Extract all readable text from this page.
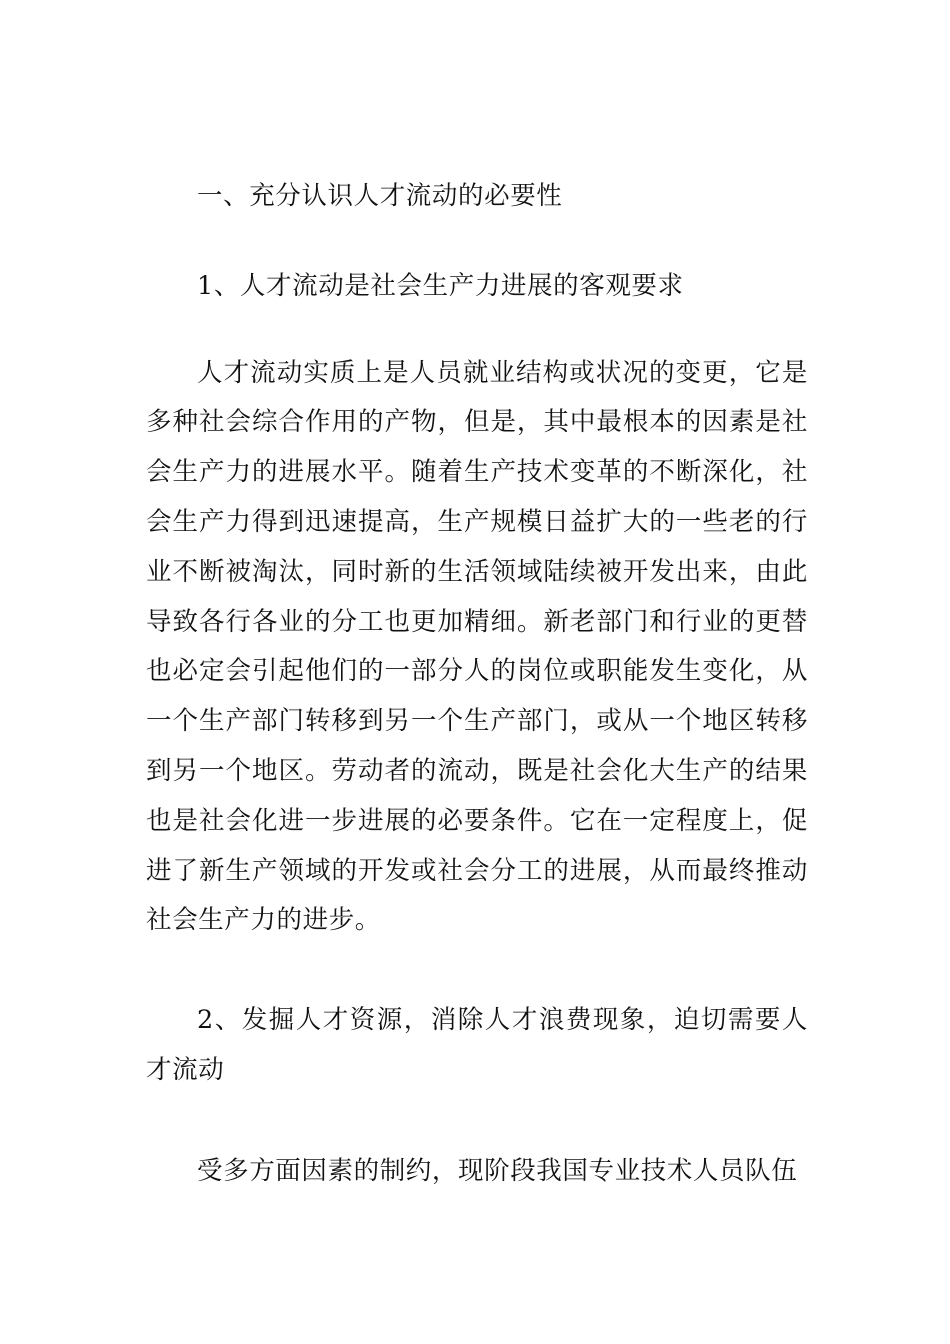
一、充分认识人才流动的必要性

1、人才流动是社会生产力进展的客观要求

人才流动实质上是人员就业结构或状况的变更，它是多种社会综合作用的产物，但是，其中最根本的因素是社会生产力的进展水平。随着生产技术变革的不断深化，社会生产力得到迅速提高，生产规模日益扩大的一些老的行业不断被淘汰，同时新的生活领域陆续被开发出来，由此导致各行各业的分工也更加精细。新老部门和行业的更替也必定会引起他们的一部分人的岗位或职能发生变化，从一个生产部门转移到另一个生产部门，或从一个地区转移到另一个地区。劳动者的流动，既是社会化大生产的结果也是社会化进一步进展的必要条件。它在一定程度上，促进了新生产领域的开发或社会分工的进展，从而最终推动社会生产力的进步。

2、发掘人才资源，消除人才浪费现象，迫切需要人才流动

受多方面因素的制约，现阶段我国专业技术人员队伍
